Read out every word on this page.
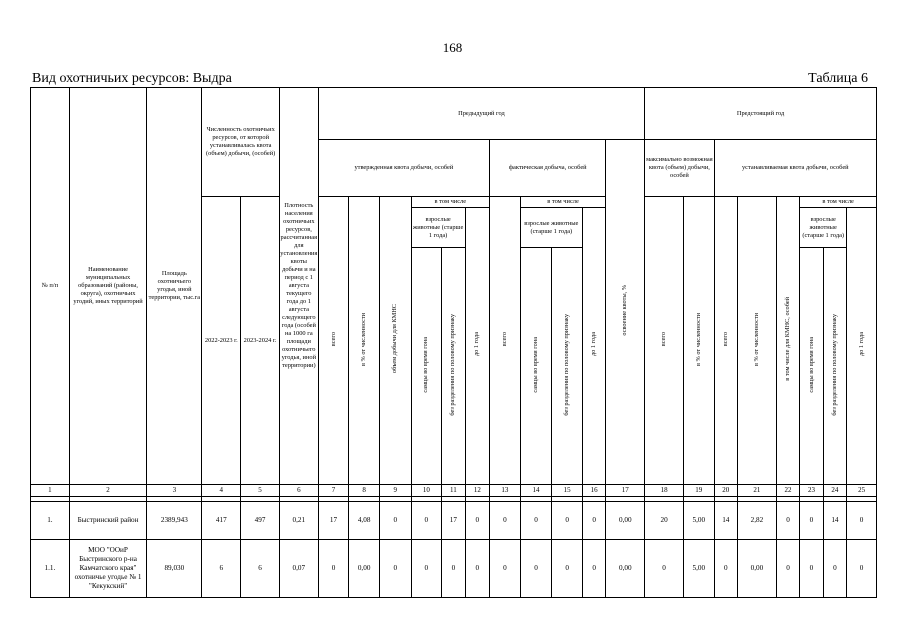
168
Вид охотничьих ресурсов: Выдра	Таблица 6
№ п/п	Наименование муниципальных образований (районы, округа), охотничьих угодий, иных территорий	Площадь охотничьего угодья, иной территории, тыс.га	Численность охотничьих ресурсов, от которой устанавливалась квота (объем) добычи, (особей)		Плотность населения охотничьих ресурсов, рассчитанная для установления квоты добычи и на период с 1 августа текущего года до 1 августа следующего года (особей на 1000 га площади охотничьего угодья, иной территории)	Предыдущий год											Предстоящий год							
						утвержденная квота добычи, особей						фактическая добыча, особей				освоение квоты, %	максимально возможная квота (объем) добычи, особей		устанавливаемая квота добычи, особей					
			2022-2023 г.	2023-2024 г.		всего	в % от численности	объем добычи для КМНС	в том числе			всего	в том числе				всего	в % от численности	всего	в % от численности	в том числе для КМНС, особей	в том числе		
									взрослые животные (старше 1 года)		до 1 года		взрослые животные (старше 1 года)		до 1 года							взрослые животные (старше 1 года)		до 1 года
									самцы во время гона	без разделения по половому признаку			самцы во время гона	без разделения по половому признаку								самцы во время гона	без разделения по половому признаку	
1	2	3	4	5	6	7	8	9	10	11	12	13	14	15	16	17	18	19	20	21	22	23	24	25

1.	Быстринский район	2389,943	417	497	0,21	17	4,08	0	0	17	0	0	0	0	0	0,00	20	5,00	14	2,82	0	0	14	0
1.1.	МОО "ООиР Быстринского р-на Камчатского края" охотничье угодье № 1 "Кекукский"	89,030	6	6	0,07	0	0,00	0	0	0	0	0	0	0	0	0,00	0	5,00	0	0,00	0	0	0	0
